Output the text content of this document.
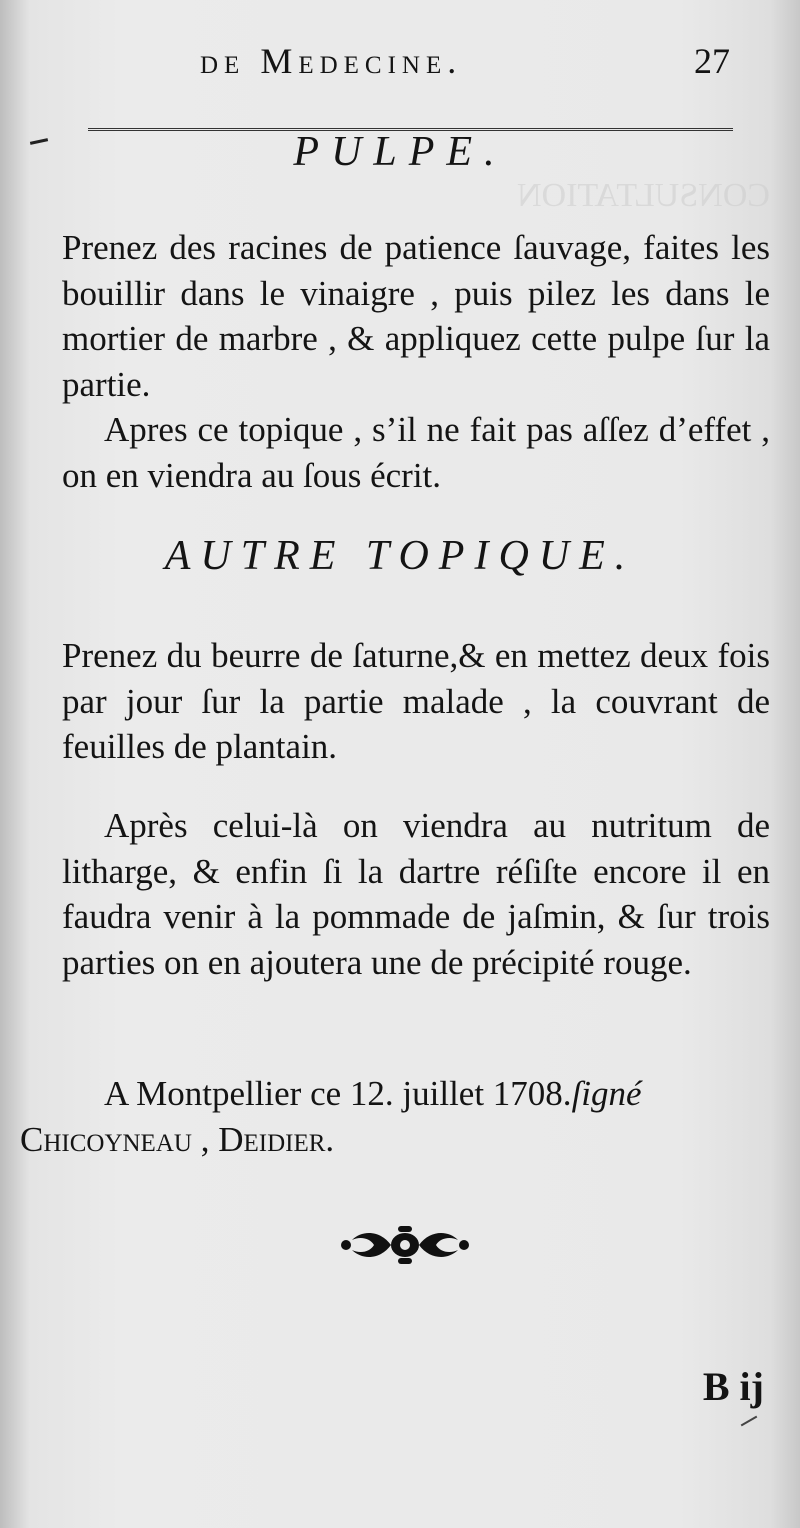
CONSULTATION
de Medecine.	27
PULPE.
Prenez des racines de patience ſauvage, faites les bouillir dans le vinaigre , puis pilez les dans le mortier de marbre , & appliquez cette pulpe ſur la partie.
Apres ce topique , s’il ne fait pas aſſez d’effet , on en viendra au ſous écrit.
AUTRE TOPIQUE.
Prenez du beurre de ſaturne,& en mettez deux fois par jour ſur la partie malade , la couvrant de feuilles de plantain.
Après celui-là on viendra au nutritum de litharge, & enfin ſi la dartre réſiſte encore il en faudra venir à la pommade de jaſmin, & ſur trois parties on en ajoutera une de précipité rouge.
A Montpellier ce 12. juillet 1708.ſigné
Chicoyneau , Deidier.
B ij
